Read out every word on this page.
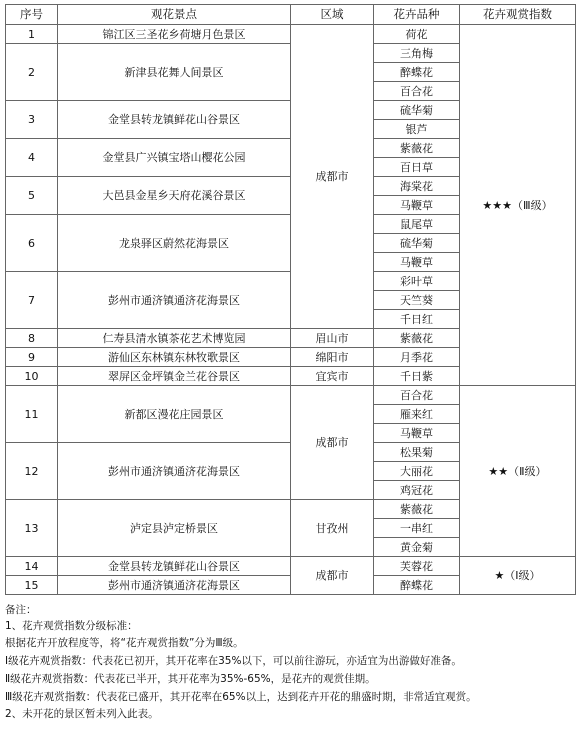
序号	观花景点	区域	花卉品种	花卉观赏指数
1	锦江区三圣花乡荷塘月色景区	成都市	荷花	★★★（Ⅲ级）
2	新津县花舞人间景区		三角梅	
			醉蝶花	
			百合花	
3	金堂县转龙镇鲜花山谷景区		硫华菊	
			银芦	
4	金堂县广兴镇宝塔山樱花公园		紫薇花	
			百日草	
5	大邑县金星乡天府花溪谷景区		海棠花	
			马鞭草	
6	龙泉驿区蔚然花海景区		鼠尾草	
			硫华菊	
			马鞭草	
7	彭州市通济镇通济花海景区		彩叶草	
			天竺葵	
			千日红	
8	仁寿县清水镇茶花艺术博览园	眉山市	紫薇花	
9	游仙区东林镇东林牧歌景区	绵阳市	月季花	
10	翠屏区金坪镇金兰花谷景区	宜宾市	千日紫	
11	新都区漫花庄园景区	成都市	百合花	★★（Ⅱ级）
			雁来红	
			马鞭草	
12	彭州市通济镇通济花海景区		松果菊	
			大丽花	
			鸡冠花	
13	泸定县泸定桥景区	甘孜州	紫薇花	
			一串红	
			黄金菊	
14	金堂县转龙镇鲜花山谷景区	成都市	芙蓉花	★（Ⅰ级）
15	彭州市通济镇通济花海景区		醉蝶花	
备注：
1、花卉观赏指数分级标准：
根据花卉开放程度等，将“花卉观赏指数”分为Ⅲ级。
Ⅰ级花卉观赏指数：代表花已初开，其开花率在35%以下，可以前往游玩，亦适宜为出游做好准备。
Ⅱ级花卉观赏指数：代表花已半开，其开花率为35%-65%，是花卉的观赏佳期。
Ⅲ级花卉观赏指数：代表花已盛开，其开花率在65%以上，达到花卉开花的鼎盛时期，非常适宜观赏。
2、未开花的景区暂未列入此表。
